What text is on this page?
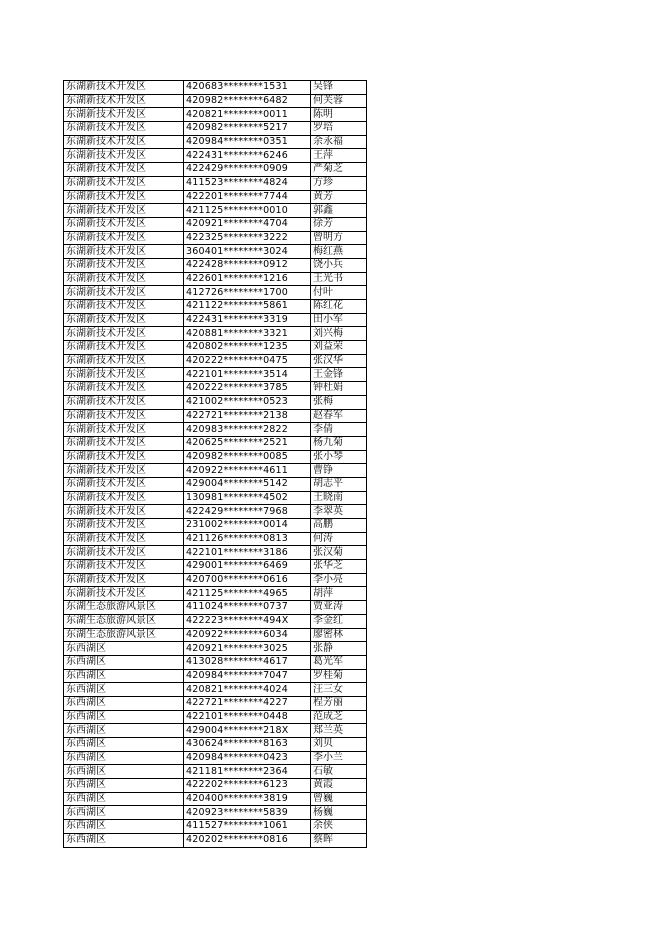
东湖新技术开发区	420683********1531	吴锋
东湖新技术开发区	420982********6482	何芙蓉
东湖新技术开发区	420821********0011	陈明
东湖新技术开发区	420982********5217	罗培
东湖新技术开发区	420984********0351	余永福
东湖新技术开发区	422431********6246	王萍
东湖新技术开发区	422429********0909	严菊芝
东湖新技术开发区	411523********4824	方珍
东湖新技术开发区	422201********7744	黄芳
东湖新技术开发区	421125********0010	郭鑫
东湖新技术开发区	420921********4704	徐芳
东湖新技术开发区	422325********3222	曾明方
东湖新技术开发区	360401********3024	梅红燕
东湖新技术开发区	422428********0912	饶小兵
东湖新技术开发区	422601********1216	王光书
东湖新技术开发区	412726********1700	付叶
东湖新技术开发区	421122********5861	陈红花
东湖新技术开发区	422431********3319	田小军
东湖新技术开发区	420881********3321	刘兴梅
东湖新技术开发区	420802********1235	刘益荣
东湖新技术开发区	420222********0475	张汉华
东湖新技术开发区	422101********3514	王金锋
东湖新技术开发区	420222********3785	钟杜娟
东湖新技术开发区	421002********0523	张梅
东湖新技术开发区	422721********2138	赵春军
东湖新技术开发区	420983********2822	李倩
东湖新技术开发区	420625********2521	杨九菊
东湖新技术开发区	420982********0085	张小琴
东湖新技术开发区	420922********4611	曹铮
东湖新技术开发区	429004********5142	胡志平
东湖新技术开发区	130981********4502	王晓南
东湖新技术开发区	422429********7968	李翠英
东湖新技术开发区	231002********0014	高鹏
东湖新技术开发区	421126********0813	何涛
东湖新技术开发区	422101********3186	张汉菊
东湖新技术开发区	429001********6469	张华芝
东湖新技术开发区	420700********0616	李小亮
东湖新技术开发区	421125********4965	胡萍
东湖生态旅游风景区	411024********0737	贾亚涛
东湖生态旅游风景区	422223********494X	李金红
东湖生态旅游风景区	420922********6034	廖密林
东西湖区	420921********3025	张静
东西湖区	413028********4617	葛光军
东西湖区	420984********7047	罗桂菊
东西湖区	420821********4024	汪三女
东西湖区	422721********4227	程芳丽
东西湖区	422101********0448	范成芝
东西湖区	429004********218X	郑兰英
东西湖区	430624********8163	刘贝
东西湖区	420984********0423	李小兰
东西湖区	421181********2364	石敏
东西湖区	422202********6123	黄霞
东西湖区	420400********3819	曾巍
东西湖区	420923********5839	杨巍
东西湖区	411527********1061	余侠
东西湖区	420202********0816	蔡晖
